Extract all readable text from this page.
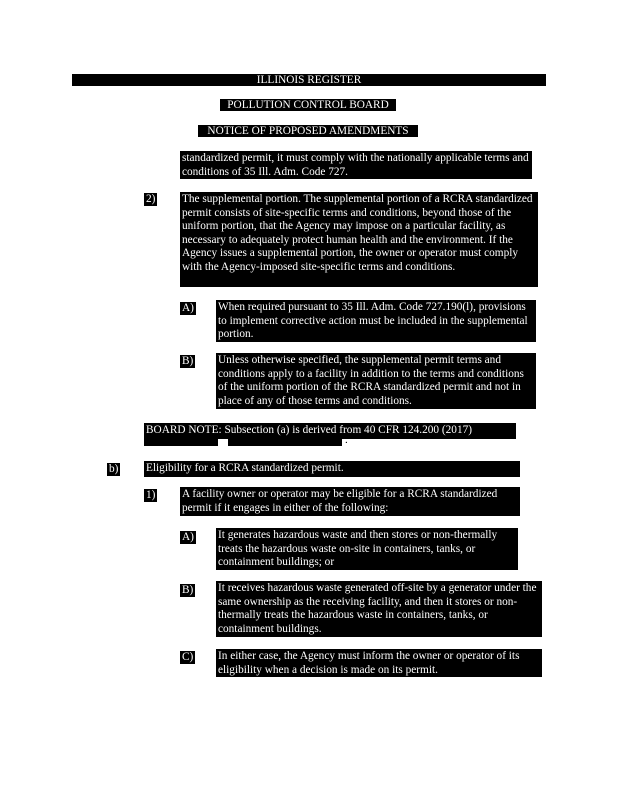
ILLINOIS REGISTER
POLLUTION CONTROL BOARD
NOTICE OF PROPOSED AMENDMENTS
standardized permit, it must comply with the nationally applicable terms and conditions of 35 Ill. Adm. Code 727.
2) The supplemental portion. The supplemental portion of a RCRA standardized permit consists of site-specific terms and conditions, beyond those of the uniform portion, that the Agency may impose on a particular facility, as necessary to adequately protect human health and the environment. If the Agency issues a supplemental portion, the owner or operator must comply with the Agency-imposed site-specific terms and conditions.
A) When required pursuant to 35 Ill. Adm. Code 727.190(l), provisions to implement corrective action must be included in the supplemental portion.
B) Unless otherwise specified, the supplemental permit terms and conditions apply to a facility in addition to the terms and conditions of the uniform portion of the RCRA standardized permit and not in place of any of those terms and conditions.
BOARD NOTE: Subsection (a) is derived from 40 CFR 124.200 (2017)
.
b) Eligibility for a RCRA standardized permit.
1) A facility owner or operator may be eligible for a RCRA standardized permit if it engages in either of the following:
A) It generates hazardous waste and then stores or non-thermally treats the hazardous waste on-site in containers, tanks, or containment buildings; or
B) It receives hazardous waste generated off-site by a generator under the same ownership as the receiving facility, and then it stores or non-thermally treats the hazardous waste in containers, tanks, or containment buildings.
C) In either case, the Agency must inform the owner or operator of its eligibility when a decision is made on its permit.
